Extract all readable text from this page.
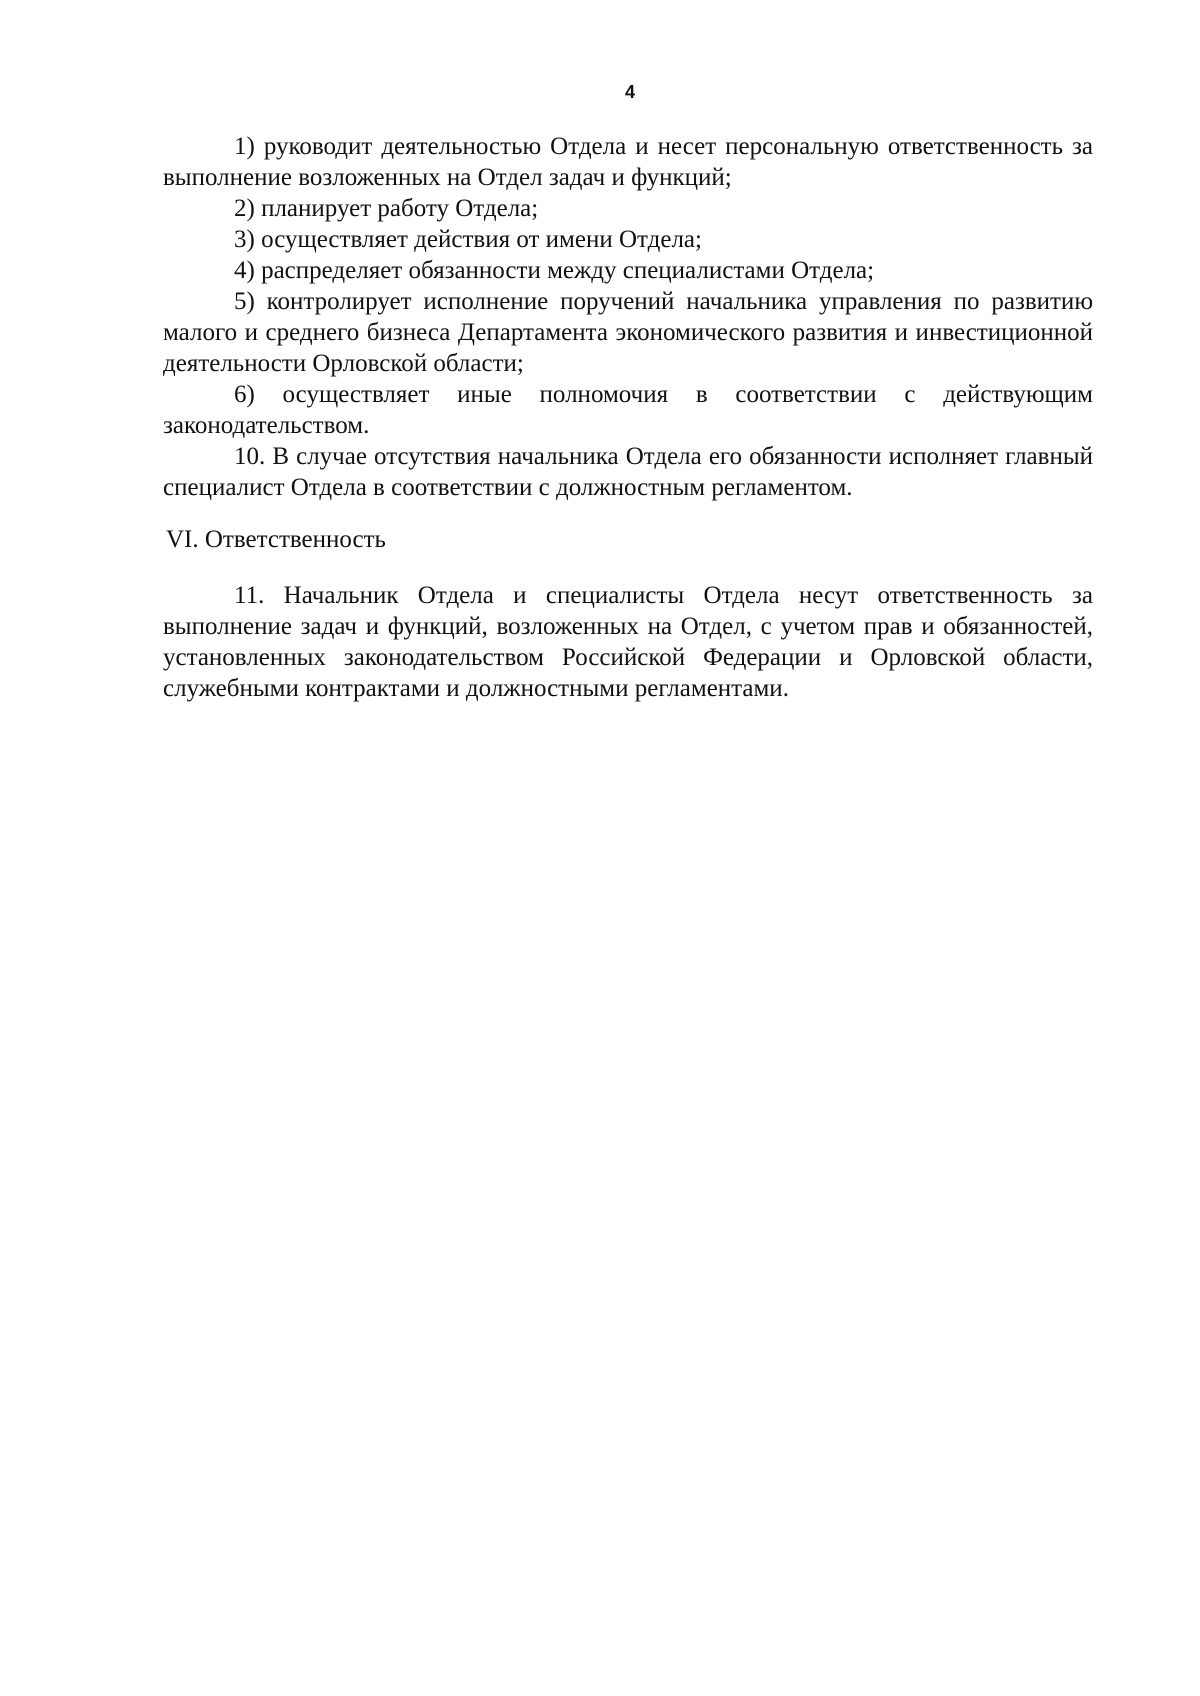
4

1) руководит деятельностью Отдела и несет персональную ответственность за выполнение возложенных на Отдел задач и функций;

2) планирует работу Отдела;

3) осуществляет действия от имени Отдела;

4) распределяет обязанности между специалистами Отдела;

5) контролирует исполнение поручений начальника управления по развитию малого и среднего бизнеса Департамента экономического развития и инвестиционной деятельности Орловской области;

6) осуществляет иные полномочия в соответствии с действующим законодательством.

10. В случае отсутствия начальника Отдела его обязанности исполняет главный специалист Отдела в соответствии с должностным регламентом.

VI. Ответственность

11. Начальник Отдела и специалисты Отдела несут ответственность за выполнение задач и функций, возложенных на Отдел, с учетом прав и обязанностей, установленных законодательством Российской Федерации и Орловской области, служебными контрактами и должностными регламентами.
